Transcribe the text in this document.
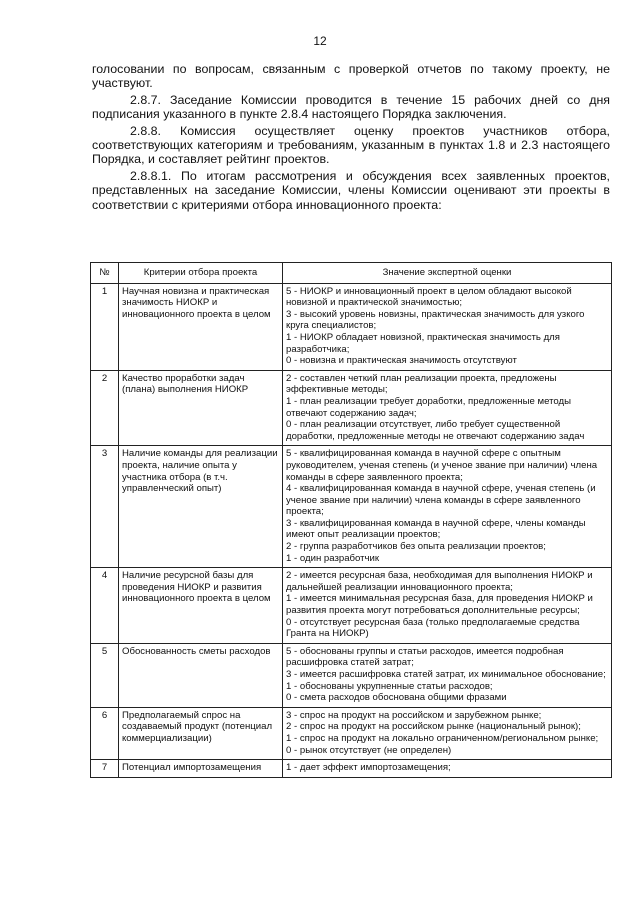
12

голосовании по вопросам, связанным с проверкой отчетов по такому проекту, не участвуют.

2.8.7. Заседание Комиссии проводится в течение 15 рабочих дней со дня подписания указанного в пункте 2.8.4 настоящего Порядка заключения.

2.8.8. Комиссия осуществляет оценку проектов участников отбора, соответствующих категориям и требованиям, указанным в пунктах 1.8 и 2.3 настоящего Порядка, и составляет рейтинг проектов.

2.8.8.1. По итогам рассмотрения и обсуждения всех заявленных проектов, представленных на заседание Комиссии, члены Комиссии оценивают эти проекты в соответствии с критериями отбора инновационного проекта:

№	Критерии отбора проекта	Значение экспертной оценки
1	Научная новизна и практическая значимость НИОКР и инновационного проекта в целом	5 - НИОКР и инновационный проект в целом обладают высокой новизной и практической значимостью;
3 - высокий уровень новизны, практическая значимость для узкого круга специалистов;
1 - НИОКР обладает новизной, практическая значимость для разработчика;
0 - новизна и практическая значимость отсутствуют

2	Качество проработки задач (плана) выполнения НИОКР	2 - составлен четкий план реализации проекта, предложены эффективные методы;
1 - план реализации требует доработки, предложенные методы отвечают содержанию задач;
0 - план реализации отсутствует, либо требует существенной доработки, предложенные методы не отвечают содержанию задач

3	Наличие команды для реализации проекта, наличие опыта у участника отбора (в т.ч. управленческий опыт)	5 - квалифицированная команда в научной сфере с опытным руководителем, ученая степень (и ученое звание при наличии) члена команды в сфере заявленного проекта;
4 - квалифицированная команда в научной сфере, ученая степень (и ученое звание при наличии) члена команды в сфере заявленного проекта;
3 - квалифицированная команда в научной сфере, члены команды имеют опыт реализации проектов;
2 - группа разработчиков без опыта реализации проектов;
1 - один разработчик

4	Наличие ресурсной базы для проведения НИОКР и развития инновационного проекта в целом	2 - имеется ресурсная база, необходимая для выполнения НИОКР и дальнейшей реализации инновационного проекта;
1 - имеется минимальная ресурсная база, для проведения НИОКР и развития проекта могут потребоваться дополнительные ресурсы;
0 - отсутствует ресурсная база (только предполагаемые средства Гранта на НИОКР)

5	Обоснованность сметы расходов	5 - обоснованы группы и статьи расходов, имеется подробная расшифровка статей затрат;
3 - имеется расшифровка статей затрат, их минимальное обоснование;
1 - обоснованы укрупненные статьи расходов;
0 - смета расходов обоснована общими фразами

6	Предполагаемый спрос на создаваемый продукт (потенциал коммерциализации)	3 - спрос на продукт на российском и зарубежном рынке;
2 - спрос на продукт на российском рынке (национальный рынок);
1 - спрос на продукт на локально ограниченном/региональном рынке;
0 - рынок отсутствует (не определен)

7	Потенциал импортозамещения	1 - дает эффект импортозамещения;
